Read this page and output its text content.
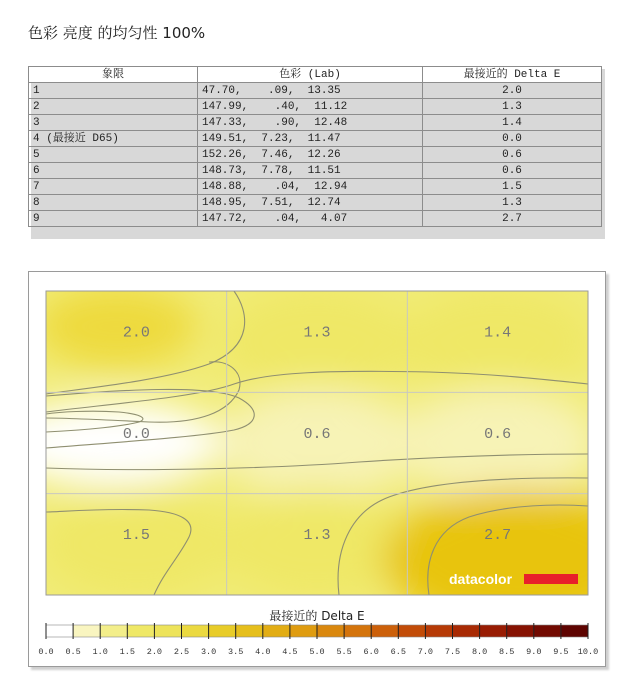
色彩 亮度 的均匀性 100%
象限	色彩 (Lab)	最接近的 Delta E
1	47.70,    .09,  13.35	2.0
2	147.99,    .40,  11.12	1.3
3	147.33,    .90,  12.48	1.4
4 (最接近 D65)	149.51,  7.23,  11.47	0.0
5	152.26,  7.46,  12.26	0.6
6	148.73,  7.78,  11.51	0.6
7	148.88,    .04,  12.94	1.5
8	148.95,  7.51,  12.74	1.3
9	147.72,    .04,   4.07	2.7
2.0	1.3	1.4
0.0	0.6	0.6
1.5	1.3	2.7
datacolor
最接近的 Delta E
0.0 0.5 1.0 1.5 2.0 2.5 3.0 3.5 4.0 4.5 5.0 5.5 6.0 6.5 7.0 7.5 8.0 8.5 9.0 9.5 10.0
